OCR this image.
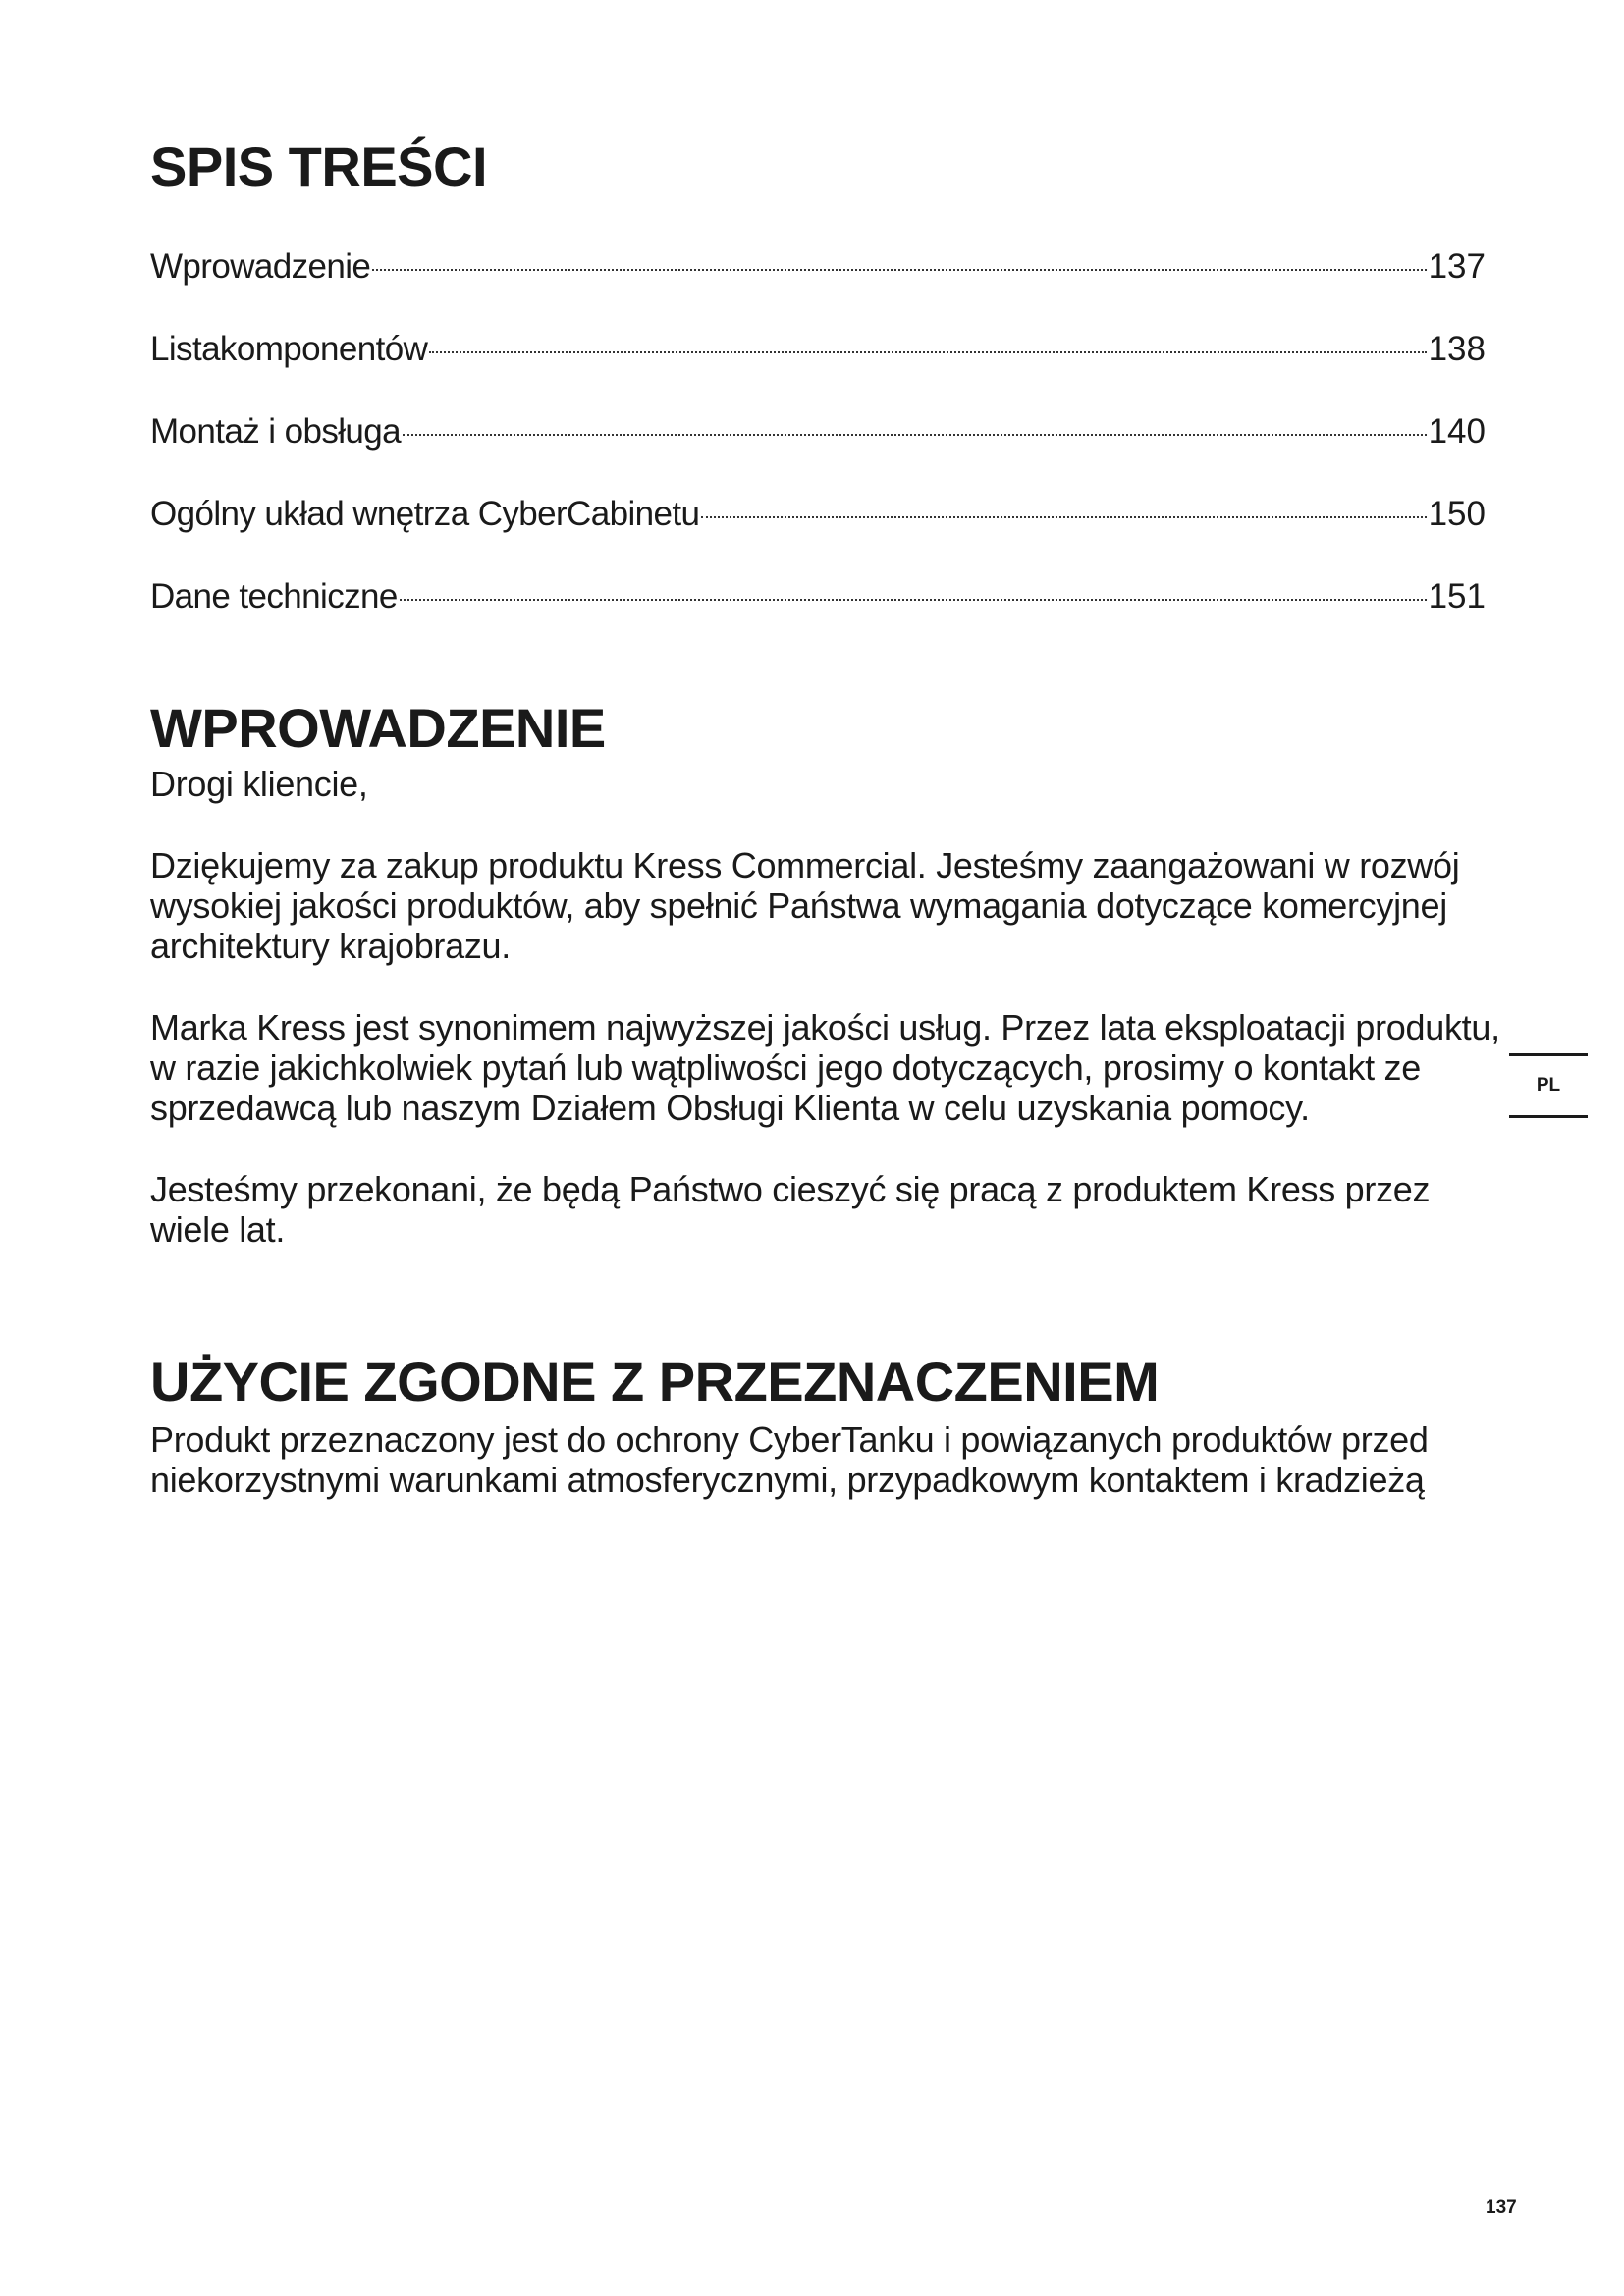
SPIS TREŚCI
Wprowadzenie	137
Listakomponentów	138
Montaż i obsługa	140
Ogólny układ wnętrza CyberCabinetu	150
Dane techniczne	151
WPROWADZENIE

Drogi kliencie,

Dziękujemy za zakup produktu Kress Commercial. Jesteśmy zaangażowani w rozwój wysokiej jakości produktów, aby spełnić Państwa wymagania dotyczące komercyjnej architektury krajobrazu.

Marka Kress jest synonimem najwyższej jakości usług. Przez lata eksploatacji produktu, w razie jakichkolwiek pytań lub wątpliwości jego dotyczących, prosimy o kontakt ze sprzedawcą lub naszym Działem Obsługi Klienta w celu uzyskania pomocy.

Jesteśmy przekonani, że będą Państwo cieszyć się pracą z produktem Kress przez wiele lat.

UŻYCIE ZGODNE Z PRZEZNACZENIEM

Produkt przeznaczony jest do ochrony CyberTanku i powiązanych produktów przed niekorzystnymi warunkami atmosferycznymi, przypadkowym kontaktem i kradzieżą

PL
137
